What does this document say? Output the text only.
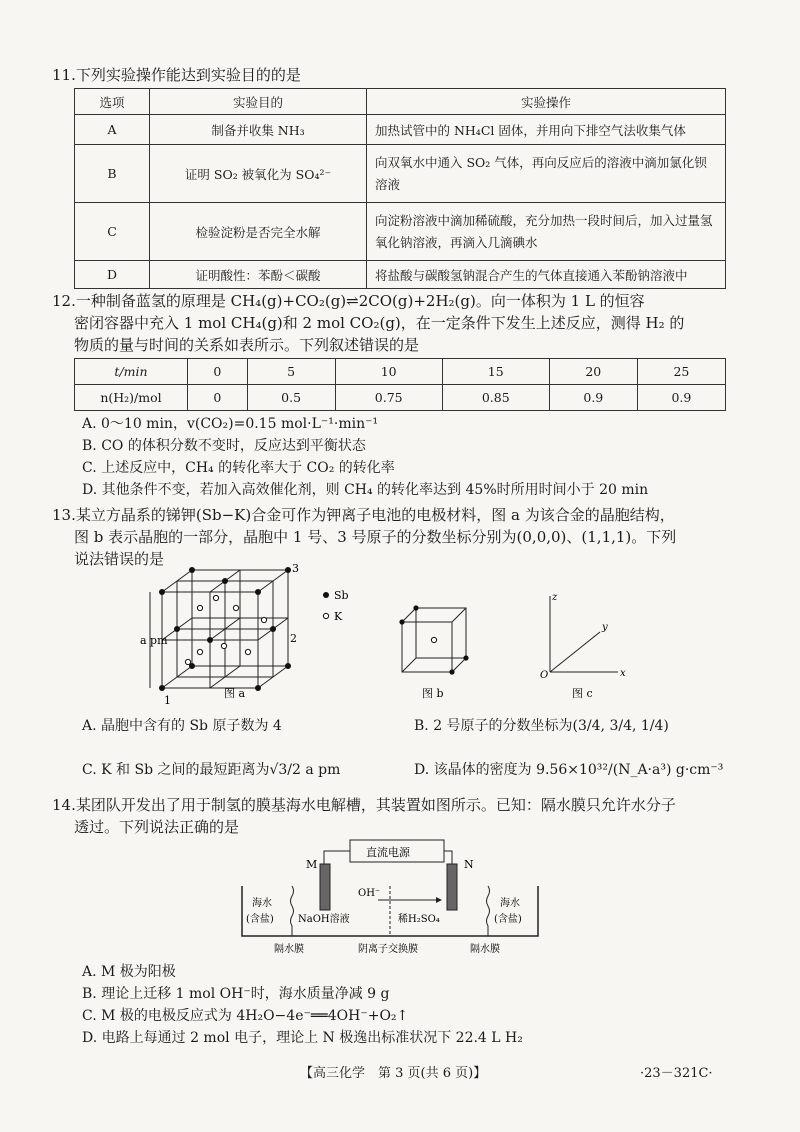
11.下列实验操作能达到实验目的的是
选项	实验目的	实验操作
A	制备并收集 NH₃	加热试管中的 NH₄Cl 固体，并用向下排空气法收集气体
B	证明 SO₂ 被氧化为 SO₄²⁻	向双氧水中通入 SO₂ 气体，再向反应后的溶液中滴加氯化钡溶液
C	检验淀粉是否完全水解	向淀粉溶液中滴加稀硫酸，充分加热一段时间后，加入过量氢氧化钠溶液，再滴入几滴碘水
D	证明酸性：苯酚＜碳酸	将盐酸与碳酸氢钠混合产生的气体直接通入苯酚钠溶液中
12.一种制备蓝氢的原理是 CH₄(g)+CO₂(g)⇌2CO(g)+2H₂(g)。向一体积为 1 L 的恒容
密闭容器中充入 1 mol CH₄(g)和 2 mol CO₂(g)，在一定条件下发生上述反应，测得 H₂ 的
物质的量与时间的关系如表所示。下列叙述错误的是
t/min	0	5	10	15	20	25
n(H₂)/mol	0	0.5	0.75	0.85	0.9	0.9
A. 0～10 min，v(CO₂)=0.15 mol·L⁻¹·min⁻¹
B. CO 的体积分数不变时，反应达到平衡状态
C. 上述反应中，CH₄ 的转化率大于 CO₂ 的转化率
D. 其他条件不变，若加入高效催化剂，则 CH₄ 的转化率达到 45%时所用时间小于 20 min
13.某立方晶系的锑钾(Sb−K)合金可作为钾离子电池的电极材料，图 a 为该合金的晶胞结构，
图 b 表示晶胞的一部分，晶胞中 1 号、3 号原子的分数坐标分别为(0,0,0)、(1,1,1)。下列
说法错误的是
a pm
1
2
3
Sb
K
z
x
y
O
图 a	图 b	图 c
A. 晶胞中含有的 Sb 原子数为 4	B. 2 号原子的分数坐标为(3/4, 3/4, 1/4)
C. K 和 Sb 之间的最短距离为√3/2 a pm	D. 该晶体的密度为 9.56×10³²/(N_A·a³) g·cm⁻³
14.某团队开发出了用于制氢的膜基海水电解槽，其装置如图所示。已知：隔水膜只允许水分子
透过。下列说法正确的是
直流电源
M	N
OH⁻
海水
(含盐) NaOH溶液	稀H₂SO₄
海水
(含盐)
隔水膜	阴离子交换膜	隔水膜
A. M 极为阳极
B. 理论上迁移 1 mol OH⁻时，海水质量净减 9 g
C. M 极的电极反应式为 4H₂O−4e⁻══4OH⁻+O₂↑
D. 电路上每通过 2 mol 电子，理论上 N 极逸出标准状况下 22.4 L H₂
【高三化学　第 3 页(共 6 页)】	·23－321C·
